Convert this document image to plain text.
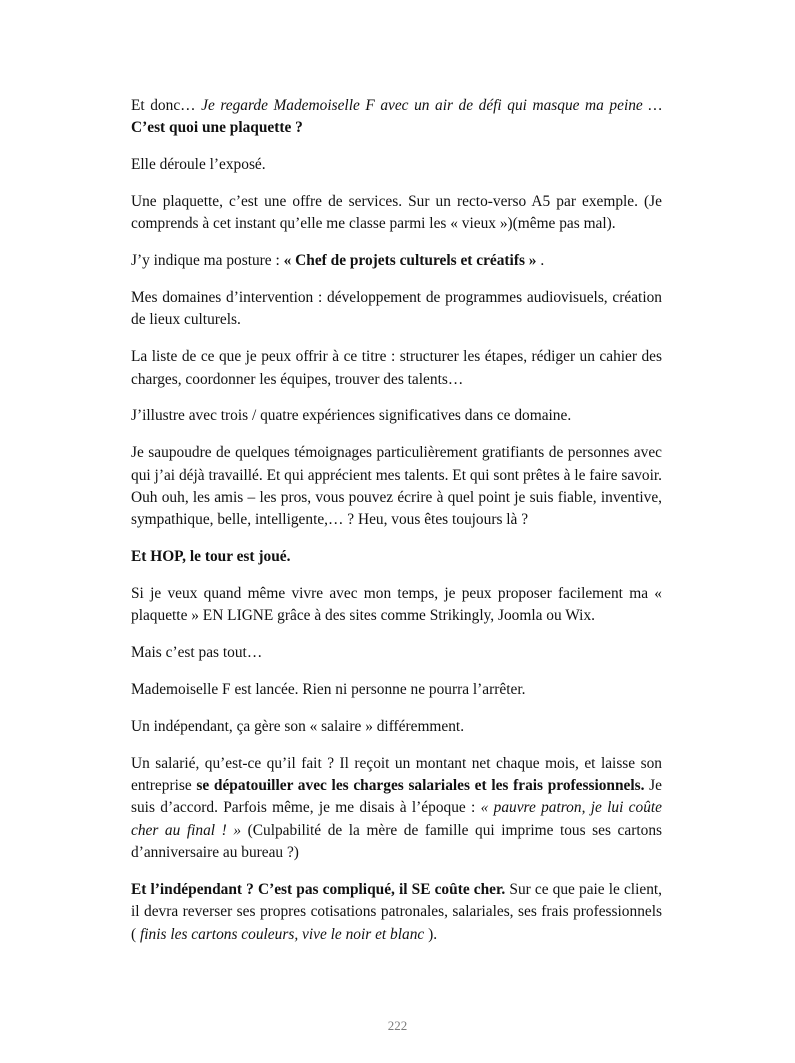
Et donc… Je regarde Mademoiselle F avec un air de défi qui masque ma peine … C’est quoi une plaquette ?

Elle déroule l’exposé.

Une plaquette, c’est une offre de services. Sur un recto-verso A5 par exemple. (Je comprends à cet instant qu’elle me classe parmi les « vieux »)(même pas mal).

J’y indique ma posture : « Chef de projets culturels et créatifs » .

Mes domaines d’intervention : développement de programmes audiovisuels, création de lieux culturels.

La liste de ce que je peux offrir à ce titre : structurer les étapes, rédiger un cahier des charges, coordonner les équipes, trouver des talents…

J’illustre avec trois / quatre expériences significatives dans ce domaine.

Je saupoudre de quelques témoignages particulièrement gratifiants de personnes avec qui j’ai déjà travaillé. Et qui apprécient mes talents. Et qui sont prêtes à le faire savoir. Ouh ouh, les amis – les pros, vous pouvez écrire à quel point je suis fiable, inventive, sympathique, belle, intelligente,… ? Heu, vous êtes toujours là ?

Et HOP, le tour est joué.

Si je veux quand même vivre avec mon temps, je peux proposer facilement ma « plaquette » EN LIGNE grâce à des sites comme Strikingly, Joomla ou Wix.

Mais c’est pas tout…

Mademoiselle F est lancée. Rien ni personne ne pourra l’arrêter.

Un indépendant, ça gère son « salaire » différemment.

Un salarié, qu’est-ce qu’il fait ? Il reçoit un montant net chaque mois, et laisse son entreprise se dépatouiller avec les charges salariales et les frais professionnels. Je suis d’accord. Parfois même, je me disais à l’époque : « pauvre patron, je lui coûte cher au final ! » (Culpabilité de la mère de famille qui imprime tous ses cartons d’anniversaire au bureau ?)

Et l’indépendant ? C’est pas compliqué, il SE coûte cher. Sur ce que paie le client, il devra reverser ses propres cotisations patronales, salariales, ses frais professionnels ( finis les cartons couleurs, vive le noir et blanc ).

222
